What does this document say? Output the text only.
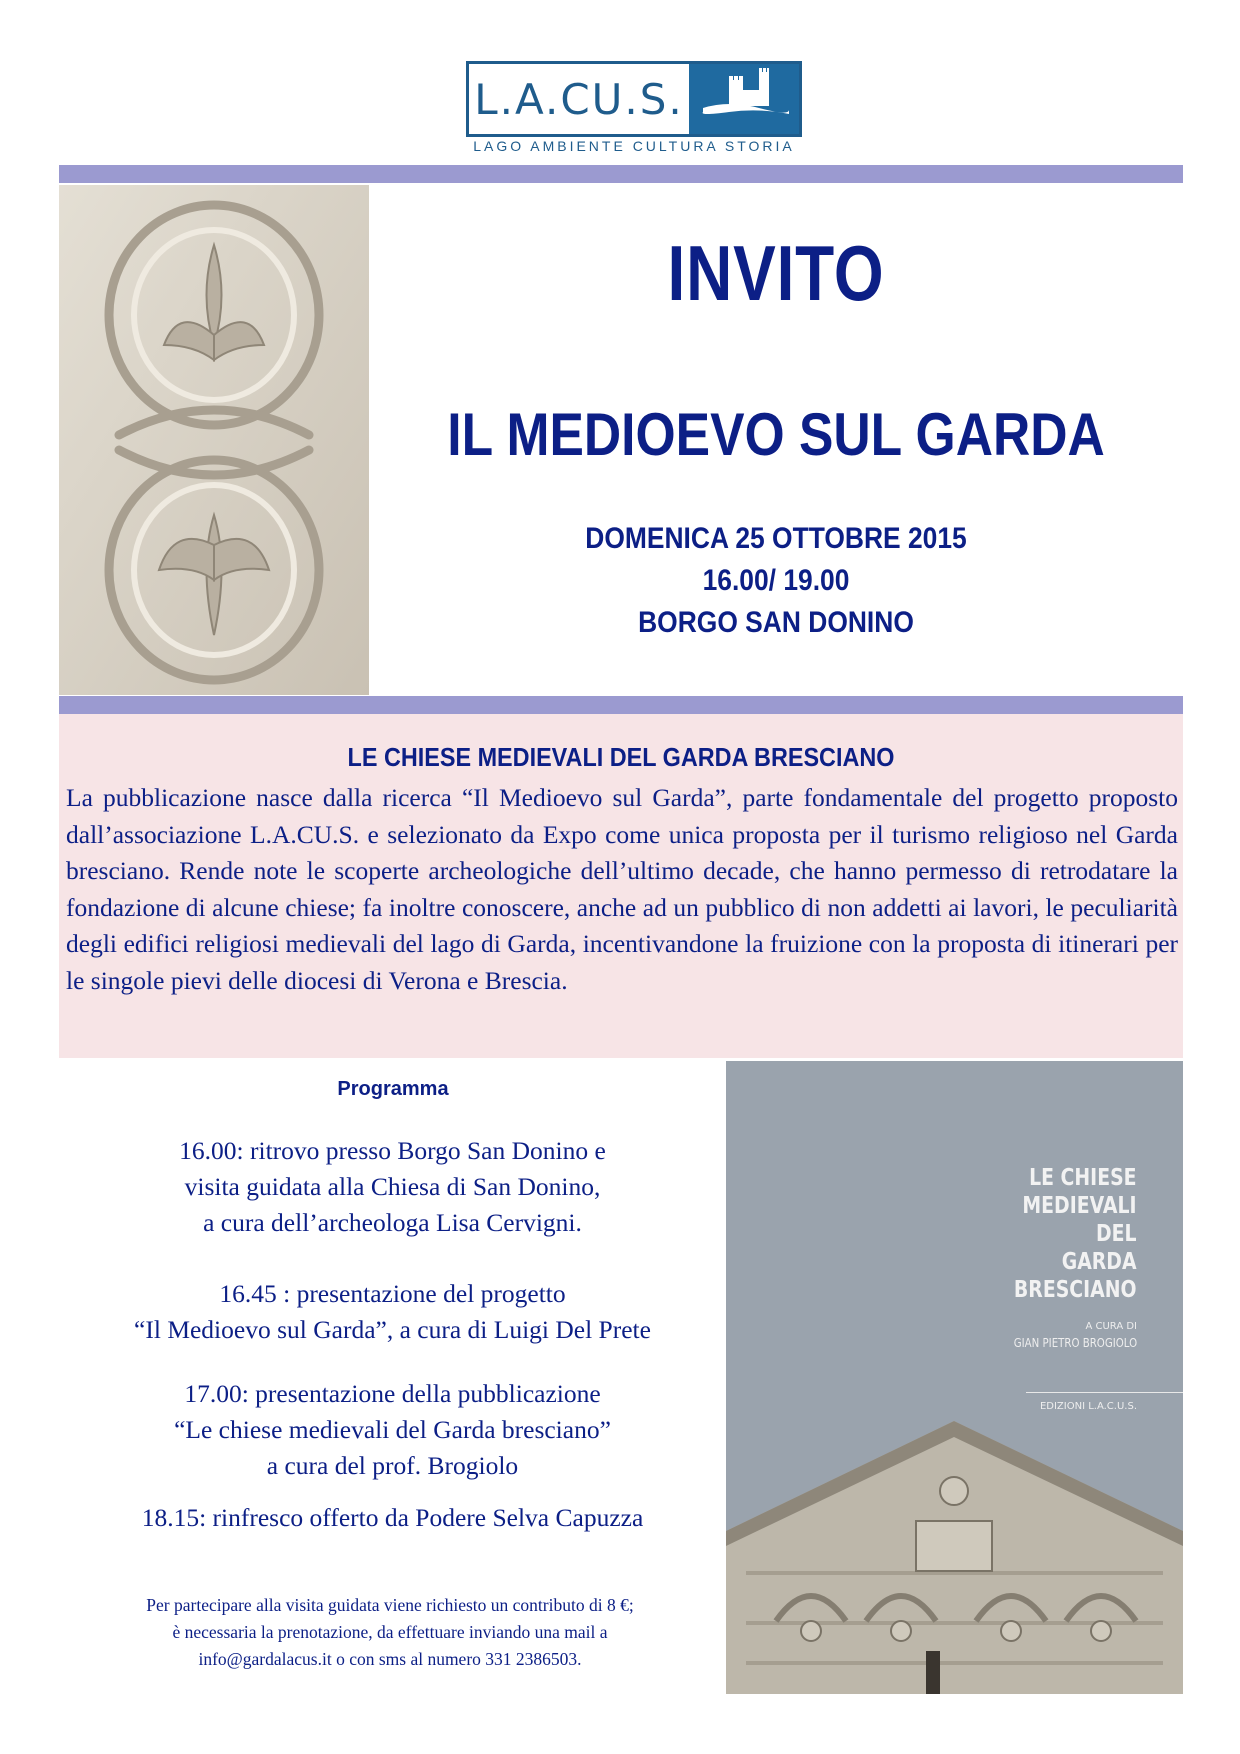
L.A.CU.S.
LAGO AMBIENTE CULTURA STORIA
INVITO
IL MEDIOEVO SUL GARDA
DOMENICA 25 OTTOBRE 2015
16.00/ 19.00
BORGO SAN DONINO
LE CHIESE MEDIEVALI DEL GARDA BRESCIANO
La pubblicazione nasce dalla ricerca “Il Medioevo sul Garda”, parte fondamentale del progetto proposto dall’associazione L.A.CU.S. e selezionato da Expo come unica proposta per il turismo religioso nel Garda bresciano. Rende note le scoperte archeologiche dell’ultimo decade, che hanno permesso di retrodatare la fondazione di alcune chiese; fa inoltre conoscere, anche ad un pubblico di non addetti ai lavori, le peculiarità degli edifici religiosi medievali del lago di Garda, incentivandone la fruizione con la proposta di itinerari per le singole pievi delle diocesi di Verona e Brescia.
Programma
16.00: ritrovo presso Borgo San Donino e
visita guidata alla Chiesa di San Donino,
a cura dell’archeologa Lisa Cervigni.
16.45 : presentazione del progetto
“Il Medioevo sul Garda”, a cura di Luigi Del Prete
17.00: presentazione della pubblicazione
“Le chiese medievali del Garda bresciano”
a cura del prof. Brogiolo
18.15: rinfresco offerto da Podere Selva Capuzza
Per partecipare alla visita guidata viene richiesto un contributo di 8 €;
è necessaria la prenotazione, da effettuare inviando una mail a
info@gardalacus.it o con sms al numero 331 2386503.
LE CHIESE
MEDIEVALI
DEL
GARDA
BRESCIANO
A CURA DI
GIAN PIETRO BROGIOLO
EDIZIONI L.A.C.U.S.
